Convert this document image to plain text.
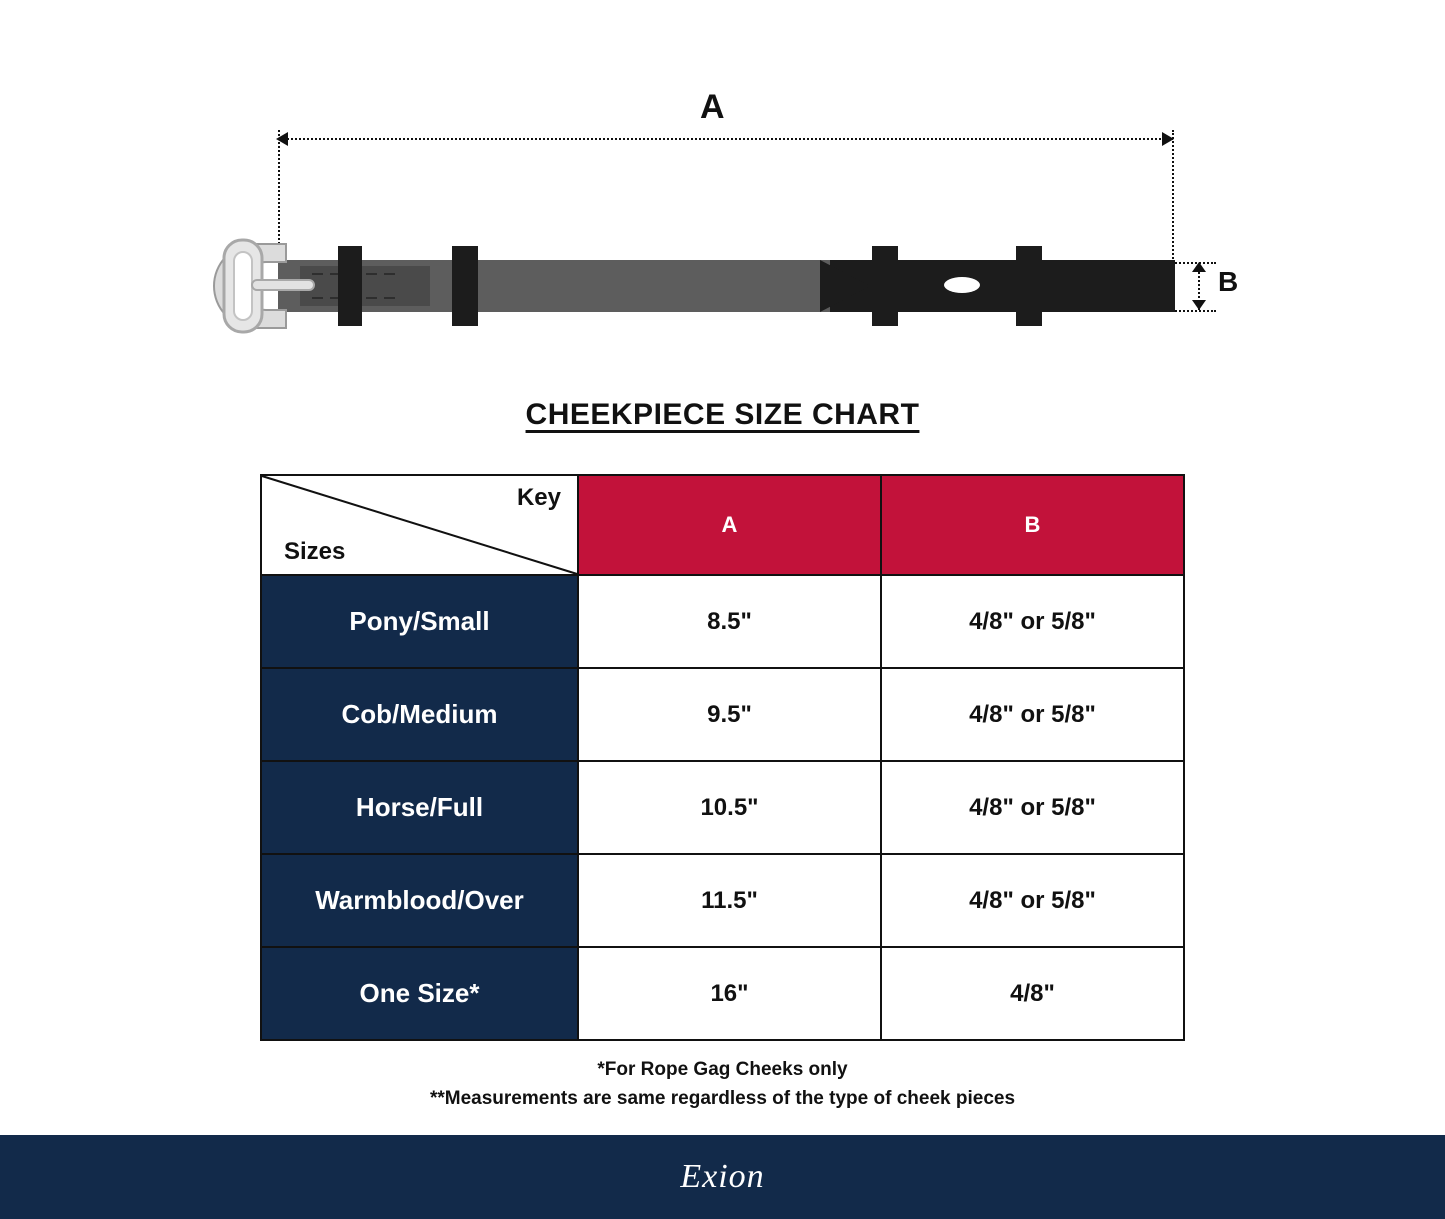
A
B
CHEEKPIECE SIZE CHART
Key
Sizes	A	B
Pony/Small	8.5"	4/8" or 5/8"
Cob/Medium	9.5"	4/8" or 5/8"
Horse/Full	10.5"	4/8" or 5/8"
Warmblood/Over	11.5"	4/8" or 5/8"
One Size*	16"	4/8"
*For Rope Gag Cheeks only
**Measurements are same regardless of the type of cheek pieces
Exion
